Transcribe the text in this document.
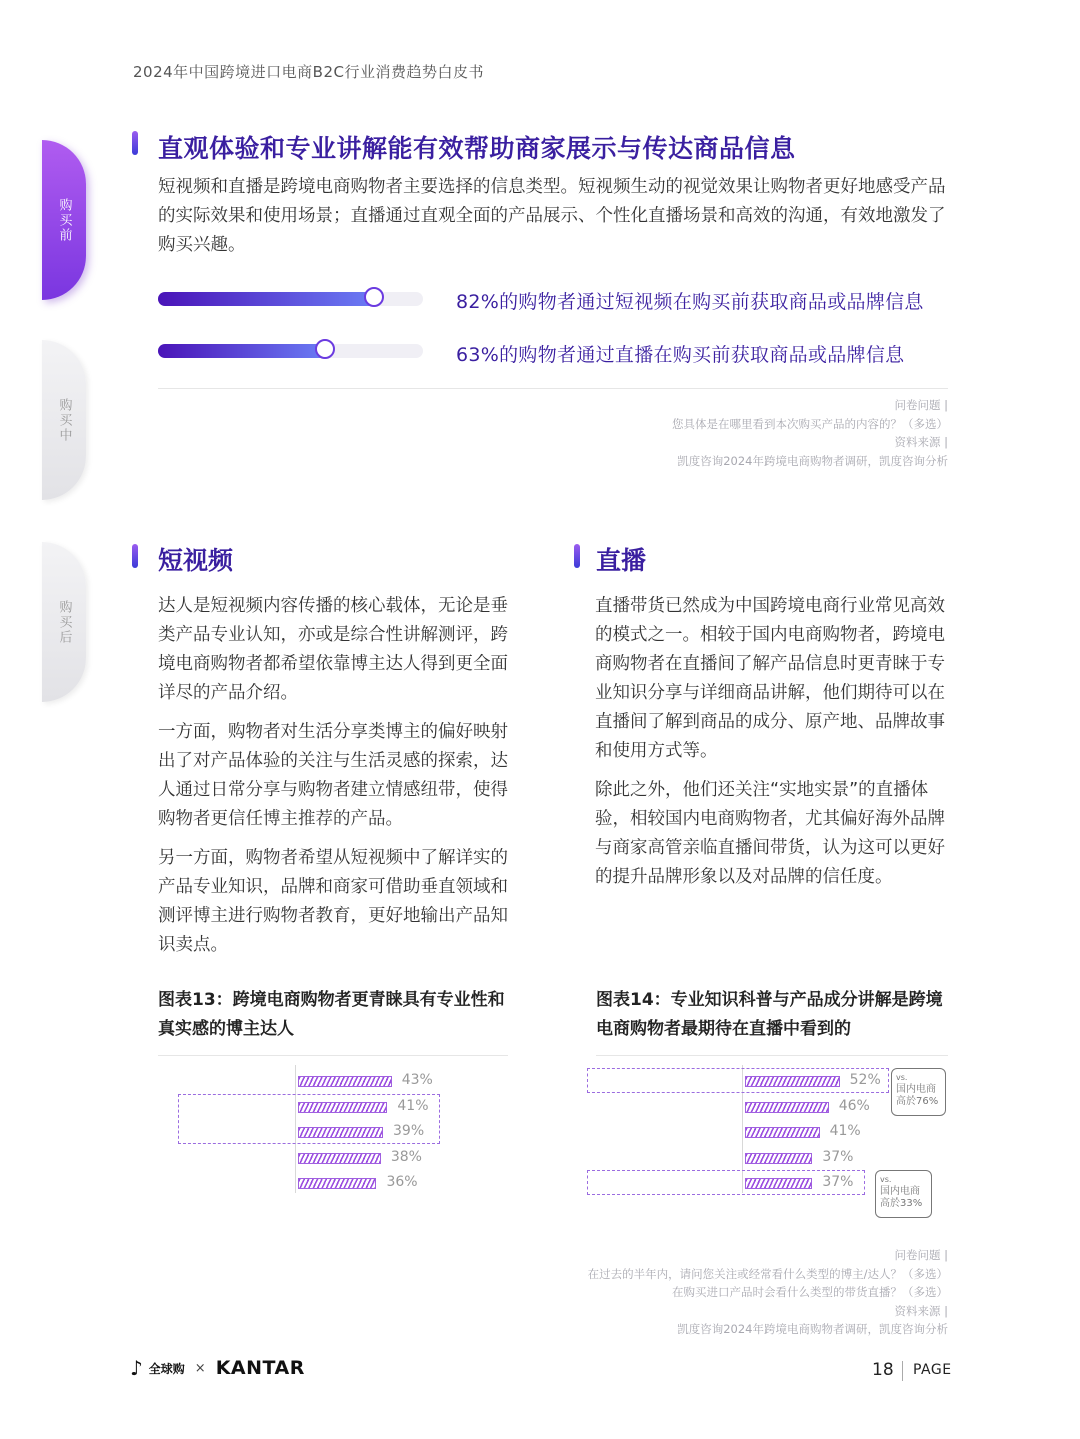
2024年中国跨境进口电商B2C行业消费趋势白皮书
购买前
购买中
购买后
直观体验和专业讲解能有效帮助商家展示与传达商品信息
短视频和直播是跨境电商购物者主要选择的信息类型。短视频生动的视觉效果让购物者更好地感受产品的实际效果和使用场景；直播通过直观全面的产品展示、个性化直播场景和高效的沟通，有效地激发了购买兴趣。
82%的购物者通过短视频在购买前获取商品或品牌信息
63%的购物者通过直播在购买前获取商品或品牌信息
问卷问题 |
您具体是在哪里看到本次购买产品的内容的？（多选）
资料来源 |
凯度咨询2024年跨境电商购物者调研，凯度咨询分析
短视频

达人是短视频内容传播的核心载体，无论是垂类产品专业认知，亦或是综合性讲解测评，跨境电商购物者都希望依靠博主达人得到更全面详尽的产品介绍。

一方面，购物者对生活分享类博主的偏好映射出了对产品体验的关注与生活灵感的探索，达人通过日常分享与购物者建立情感纽带，使得购物者更信任博主推荐的产品。

另一方面，购物者希望从短视频中了解详实的产品专业知识，品牌和商家可借助垂直领域和测评博主进行购物者教育，更好地输出产品知识卖点。

直播

直播带货已然成为中国跨境电商行业常见高效的模式之一。相较于国内电商购物者，跨境电商购物者在直播间了解产品信息时更青睐于专业知识分享与详细商品讲解，他们期待可以在直播间了解到商品的成分、原产地、品牌故事和使用方式等。

除此之外，他们还关注“实地实景”的直播体验，相较国内电商购物者，尤其偏好海外品牌与商家高管亲临直播间带货，认为这可以更好的提升品牌形象以及对品牌的信任度。

图表13：跨境电商购物者更青睐具有专业性和真实感的博主达人
图表14：专业知识科普与产品成分讲解是跨境电商购物者最期待在直播中看到的
43%
41%
39%
38%
36%
52%
46%
41%
37%
37%
vs.
国内电商
高於76%
vs.
国内电商
高於33%
问卷问题 |
在过去的半年内，请问您关注或经常看什么类型的博主/达人？（多选）
在购买进口产品时会看什么类型的带货直播？（多选）
资料来源 |
凯度咨询2024年跨境电商购物者调研，凯度咨询分析
♪ 全球购 × KANTAR	18 PAGE
